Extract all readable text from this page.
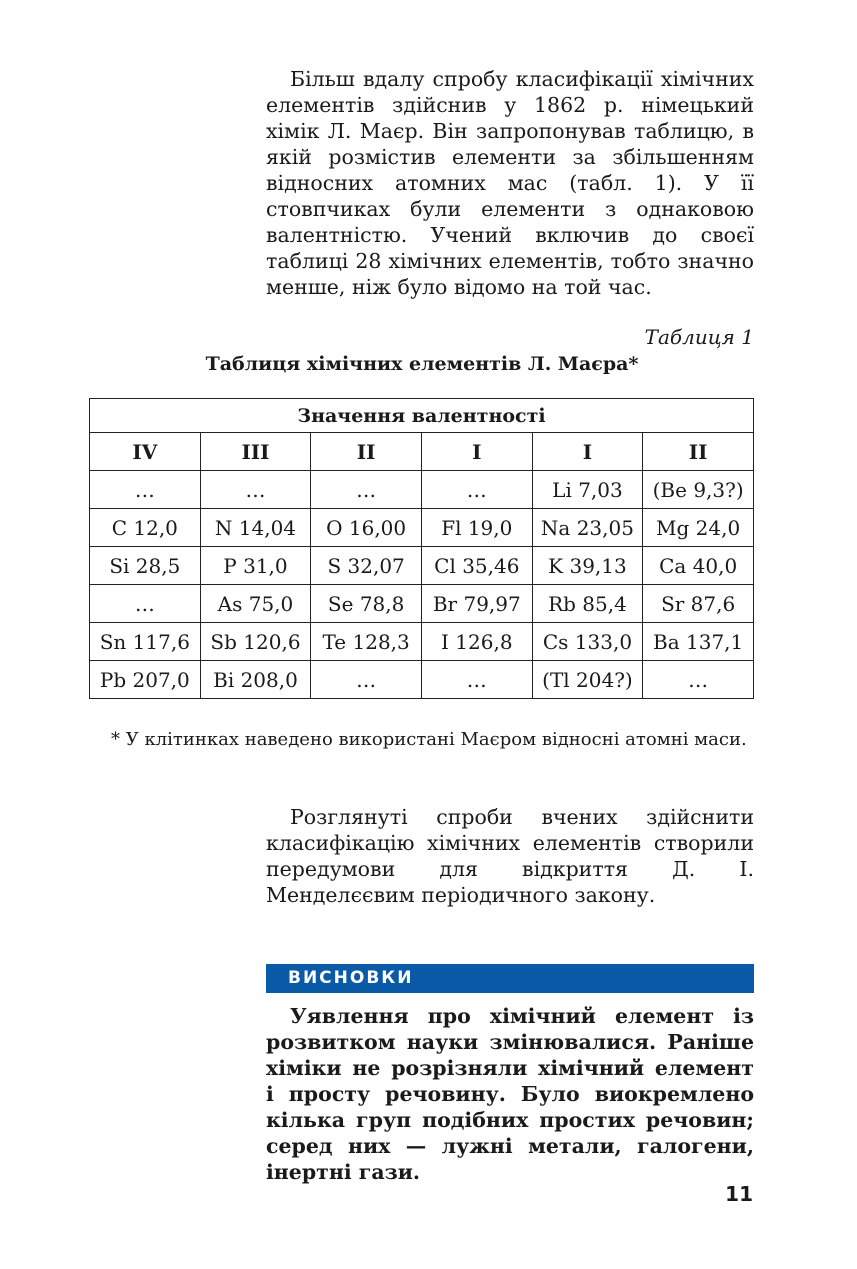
Більш вдалу спробу класифікації хімічних елементів здійснив у 1862 р. німецький хімік Л. Маєр. Він запропонував таблицю, в якій розмістив елементи за збільшенням відносних атомних мас (табл. 1). У її стовпчиках були елементи з однаковою валентністю. Учений включив до своєї таблиці 28 хімічних елементів, тобто значно менше, ніж було відомо на той час.

Таблиця 1
Таблиця хімічних елементів Л. Маєра*
Значення валентності					
IV	III	II	I	I	II
…	…	…	…	Li 7,03	(Be 9,3?)
C 12,0	N 14,04	O 16,00	Fl 19,0	Na 23,05	Mg 24,0
Si 28,5	P 31,0	S 32,07	Cl 35,46	K 39,13	Ca 40,0
…	As 75,0	Se 78,8	Br 79,97	Rb 85,4	Sr 87,6
Sn 117,6	Sb 120,6	Te 128,3	I 126,8	Cs 133,0	Ba 137,1
Pb 207,0	Bi 208,0	…	…	(Tl 204?)	…

* У клітинках наведено використані Маєром відносні атомні маси.

Розглянуті спроби вчених здійснити класифікацію хімічних елементів створили передумови для відкриття Д. І. Менделєєвим періодичного закону.

ВИСНОВКИ

Уявлення про хімічний елемент із розвитком науки змінювалися. Раніше хіміки не розрізняли хімічний елемент і просту речовину. Було виокремлено кілька груп подібних простих речовин; серед них — лужні метали, галогени, інертні гази.

11
